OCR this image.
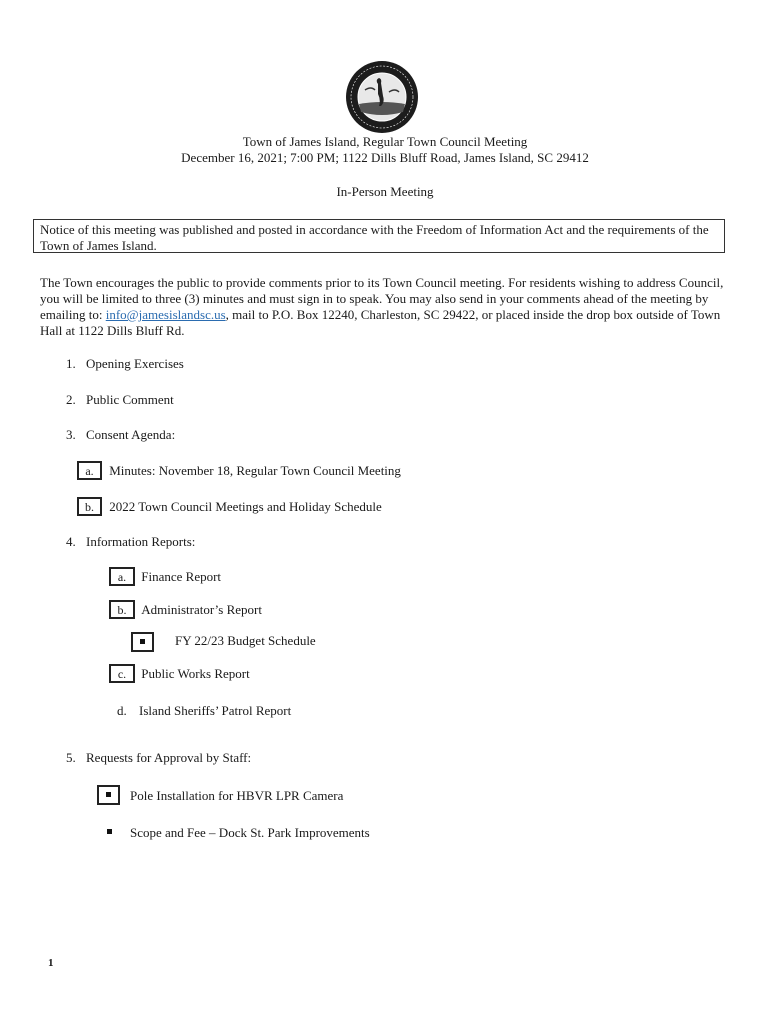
Town of James Island, Regular Town Council Meeting
December 16, 2021; 7:00 PM; 1122 Dills Bluff Road, James Island, SC 29412
In-Person Meeting
Notice of this meeting was published and posted in accordance with the Freedom of Information Act and the requirements of the Town of James Island.
The Town encourages the public to provide comments prior to its Town Council meeting. For residents wishing to address Council, you will be limited to three (3) minutes and must sign in to speak. You may also send in your comments ahead of the meeting by emailing to: info@jamesislandsc.us, mail to P.O. Box 12240, Charleston, SC 29422, or placed inside the drop box outside of Town Hall at 1122 Dills Bluff Rd.
1. Opening Exercises
2. Public Comment
3. Consent Agenda:
a. Minutes: November 18, Regular Town Council Meeting
b. 2022 Town Council Meetings and Holiday Schedule
4. Information Reports:
a. Finance Report
b. Administrator’s Report
FY 22/23 Budget Schedule
c. Public Works Report
d. Island Sheriffs’ Patrol Report
5. Requests for Approval by Staff:
Pole Installation for HBVR LPR Camera
Scope and Fee – Dock St. Park Improvements
1
